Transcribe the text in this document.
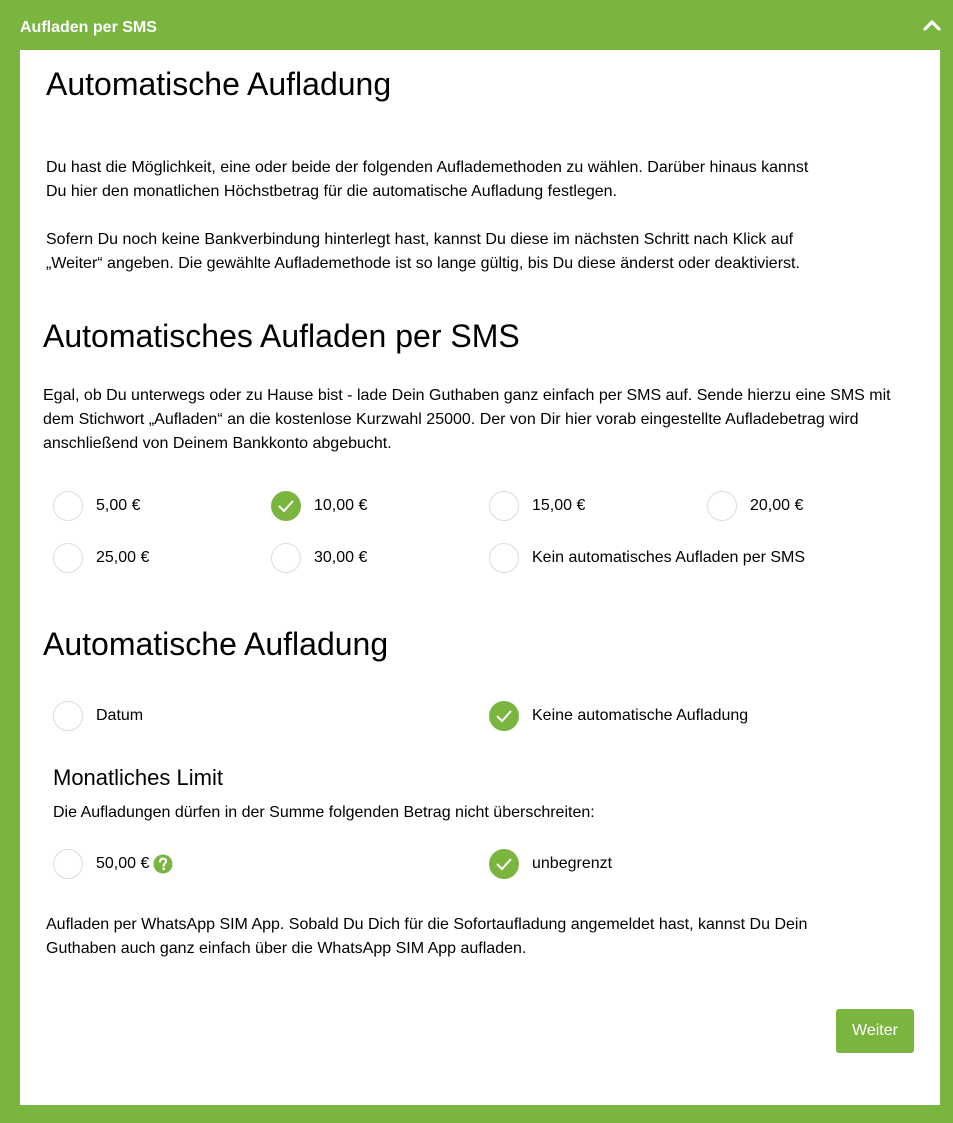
Aufladen per SMS
Automatische Aufladung

Du hast die Möglichkeit, eine oder beide der folgenden Auflademethoden zu wählen. Darüber hinaus kannst

Du hier den monatlichen Höchstbetrag für die automatische Aufladung festlegen.

Sofern Du noch keine Bankverbindung hinterlegt hast, kannst Du diese im nächsten Schritt nach Klick auf

„Weiter“ angeben. Die gewählte Auflademethode ist so lange gültig, bis Du diese änderst oder deaktivierst.

Automatisches Aufladen per SMS

Egal, ob Du unterwegs oder zu Hause bist - lade Dein Guthaben ganz einfach per SMS auf. Sende hierzu eine SMS mit

dem Stichwort „Aufladen“ an die kostenlose Kurzwahl 25000. Der von Dir hier vorab eingestellte Aufladebetrag wird

anschließend von Deinem Bankkonto abgebucht.

5,00 €	10,00 €	15,00 €	20,00 €
25,00 €	30,00 €	Kein automatisches Aufladen per SMS
Automatische Aufladung
Datum	Keine automatische Aufladung
Monatliches Limit

Die Aufladungen dürfen in der Summe folgenden Betrag nicht überschreiten:

50,00 €	unbegrenzt

Aufladen per WhatsApp SIM App. Sobald Du Dich für die Sofortaufladung angemeldet hast, kannst Du Dein

Guthaben auch ganz einfach über die WhatsApp SIM App aufladen.

Weiter
